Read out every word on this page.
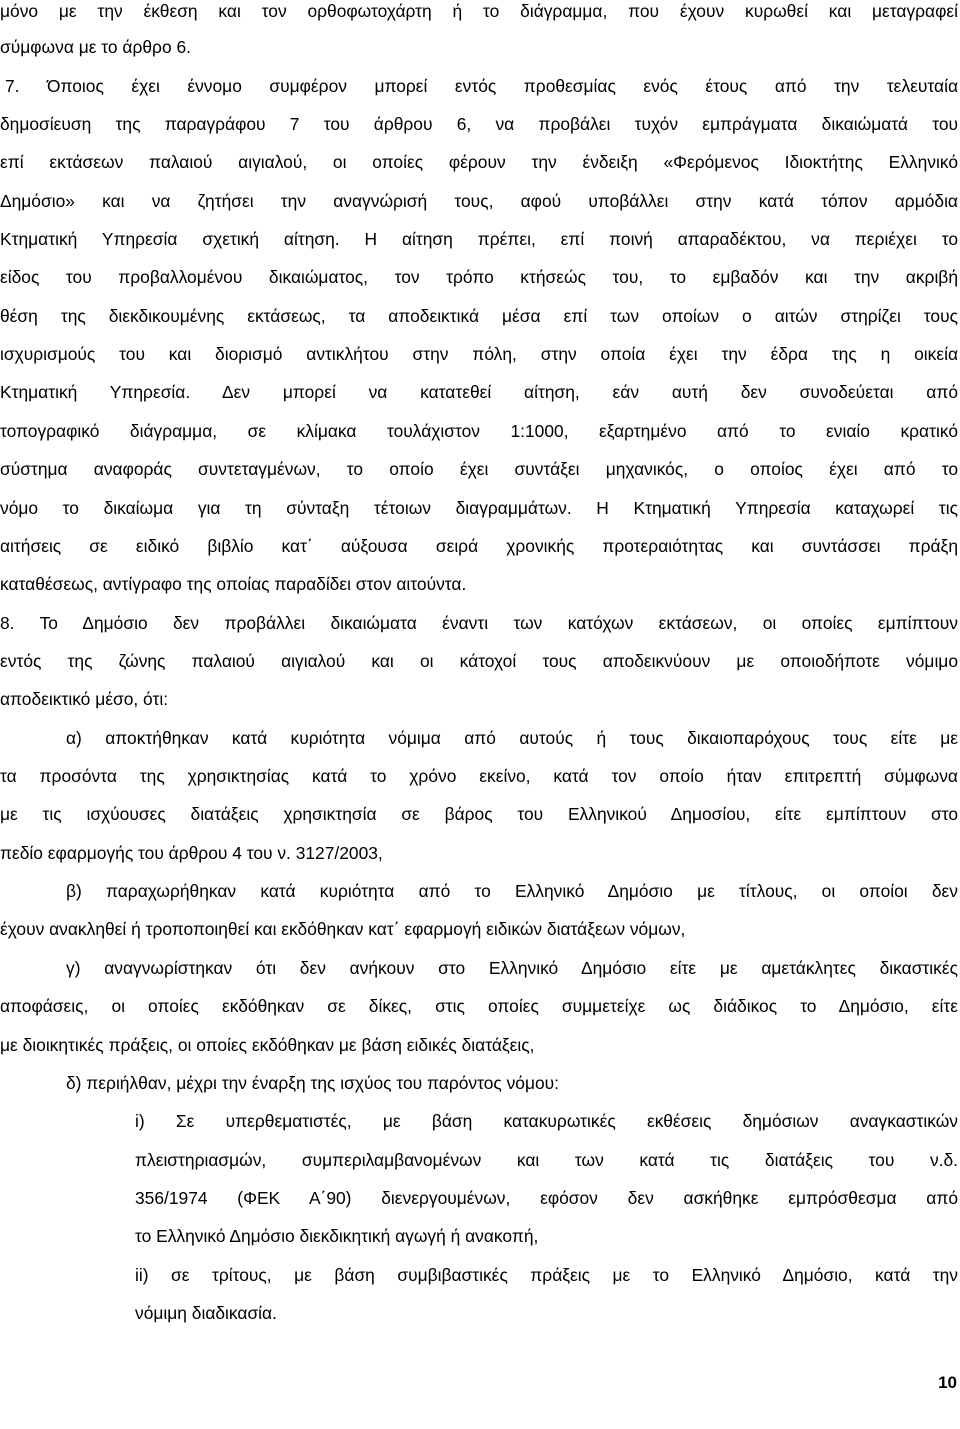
μόνο με την έκθεση και τον ορθοφωτοχάρτη ή το διάγραμμα, που έχουν κυρωθεί και μεταγραφεί
σύμφωνα με το άρθρο 6.
7. Όποιος έχει έννομο συμφέρον μπορεί εντός προθεσμίας ενός έτους από την τελευταία
δημοσίευση της παραγράφου 7 του άρθρου 6, να προβάλει τυχόν εμπράγματα δικαιώματά του
επί εκτάσεων παλαιού αιγιαλού, οι οποίες φέρουν την ένδειξη «Φερόμενος Ιδιοκτήτης Ελληνικό
Δημόσιο» και να ζητήσει την αναγνώρισή τους, αφού υποβάλλει στην κατά τόπον αρμόδια
Κτηματική Υπηρεσία σχετική αίτηση. Η αίτηση πρέπει, επί ποινή απαραδέκτου, να περιέχει το
είδος του προβαλλομένου δικαιώματος, τον τρόπο κτήσεώς του, το εμβαδόν και την ακριβή
θέση της διεκδικουμένης εκτάσεως, τα αποδεικτικά μέσα επί των οποίων ο αιτών στηρίζει τους
ισχυρισμούς του και διορισμό αντικλήτου στην πόλη, στην οποία έχει την έδρα της η οικεία
Κτηματική Υπηρεσία. Δεν μπορεί να κατατεθεί αίτηση, εάν αυτή δεν συνοδεύεται από
τοπογραφικό διάγραμμα, σε κλίμακα τουλάχιστον 1:1000, εξαρτημένο από το ενιαίο κρατικό
σύστημα αναφοράς συντεταγμένων, το οποίο έχει συντάξει μηχανικός, ο οποίος έχει από το
νόμο το δικαίωμα για τη σύνταξη τέτοιων διαγραμμάτων. Η Κτηματική Υπηρεσία καταχωρεί τις
αιτήσεις σε ειδικό βιβλίο κατ΄ αύξουσα σειρά χρονικής προτεραιότητας και συντάσσει πράξη
καταθέσεως, αντίγραφο της οποίας παραδίδει στον αιτούντα.
8. Το Δημόσιο δεν προβάλλει δικαιώματα έναντι των κατόχων εκτάσεων, οι οποίες εμπίπτουν
εντός της ζώνης παλαιού αιγιαλού και οι κάτοχοί τους αποδεικνύουν με οποιοδήποτε νόμιμο
αποδεικτικό μέσο, ότι:
α) αποκτήθηκαν κατά κυριότητα νόμιμα από αυτούς ή τους δικαιοπαρόχους τους είτε με
τα προσόντα της χρησικτησίας κατά το χρόνο εκείνο, κατά τον οποίο ήταν επιτρεπτή σύμφωνα
με τις ισχύουσες διατάξεις χρησικτησία σε βάρος του Ελληνικού Δημοσίου, είτε εμπίπτουν στο
πεδίο εφαρμογής του άρθρου 4 του ν. 3127/2003,
β) παραχωρήθηκαν κατά κυριότητα από το Ελληνικό Δημόσιο με τίτλους, οι οποίοι δεν
έχουν ανακληθεί ή τροποποιηθεί και εκδόθηκαν κατ΄ εφαρμογή ειδικών διατάξεων νόμων,
γ) αναγνωρίστηκαν ότι δεν ανήκουν στο Ελληνικό Δημόσιο είτε με αμετάκλητες δικαστικές
αποφάσεις, οι οποίες εκδόθηκαν σε δίκες, στις οποίες συμμετείχε ως διάδικος το Δημόσιο, είτε
με διοικητικές πράξεις, οι οποίες εκδόθηκαν με βάση ειδικές διατάξεις,
δ) περιήλθαν, μέχρι την έναρξη της ισχύος του παρόντος νόμου:
i) Σε υπερθεματιστές, με βάση κατακυρωτικές εκθέσεις δημόσιων αναγκαστικών
πλειστηριασμών, συμπεριλαμβανομένων και των κατά τις διατάξεις του ν.δ.
356/1974 (ΦΕΚ Α΄90) διενεργουμένων, εφόσον δεν ασκήθηκε εμπρόσθεσμα από
το Ελληνικό Δημόσιο διεκδικητική αγωγή ή ανακοπή,
ii) σε τρίτους, με βάση συμβιβαστικές πράξεις με το Ελληνικό Δημόσιο, κατά την
νόμιμη διαδικασία.
10
